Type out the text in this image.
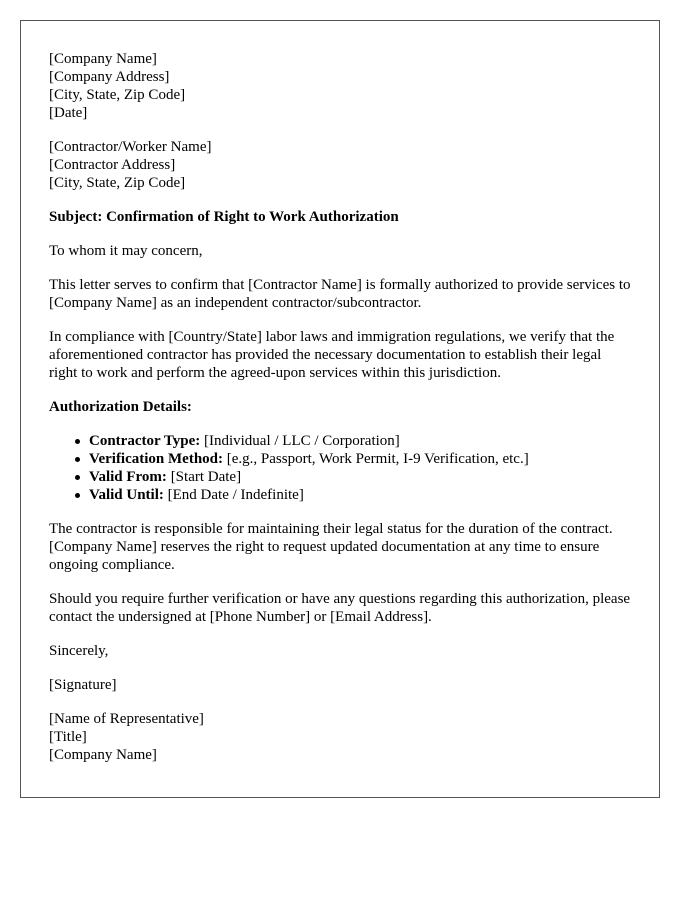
[Company Name]
[Company Address]
[City, State, Zip Code]
[Date]
[Contractor/Worker Name]
[Contractor Address]
[City, State, Zip Code]

Subject: Confirmation of Right to Work Authorization

To whom it may concern,

This letter serves to confirm that [Contractor Name] is formally authorized to provide services to [Company Name] as an independent contractor/subcontractor.

In compliance with [Country/State] labor laws and immigration regulations, we verify that the aforementioned contractor has provided the necessary documentation to establish their legal right to work and perform the agreed-upon services within this jurisdiction.

Authorization Details:

Contractor Type: [Individual / LLC / Corporation]
Verification Method: [e.g., Passport, Work Permit, I-9 Verification, etc.]
Valid From: [Start Date]
Valid Until: [End Date / Indefinite]

The contractor is responsible for maintaining their legal status for the duration of the contract. [Company Name] reserves the right to request updated documentation at any time to ensure ongoing compliance.

Should you require further verification or have any questions regarding this authorization, please contact the undersigned at [Phone Number] or [Email Address].

Sincerely,

[Signature]

[Name of Representative]
[Title]
[Company Name]
